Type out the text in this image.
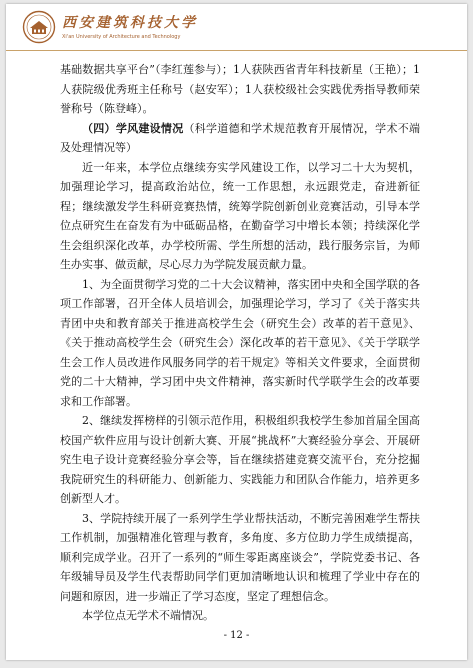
西安建筑科技大学
Xi'an University of Architecture and Technology

基础数据共享平台”（李红莲参与）；1人获陕西省青年科技新星（王艳）；1人获院级优秀班主任称号（赵安军）；1人获校级社会实践优秀指导教师荣誉称号（陈登峰）。

（四）学风建设情况（科学道德和学术规范教育开展情况，学术不端及处理情况等）

近一年来，本学位点继续夯实学风建设工作，以学习二十大为契机，加强理论学习，提高政治站位，统一工作思想，永远跟党走，奋进新征程；继续激发学生科研竞赛热情，统筹学院创新创业竞赛活动，引导本学位点研究生在奋发有为中砥砺品格，在勤奋学习中增长本领；持续深化学生会组织深化改革，办学校所需、学生所想的活动，践行服务宗旨，为师生办实事、做贡献，尽心尽力为学院发展贡献力量。

1、为全面贯彻学习党的二十大会议精神，落实团中央和全国学联的各项工作部署，召开全体人员培训会，加强理论学习，学习了《关于落实共青团中央和教育部关于推进高校学生会（研究生会）改革的若干意见》、《关于推动高校学生会（研究生会）深化改革的若干意见》、《关于学联学生会工作人员改进作风服务同学的若干规定》等相关文件要求，全面贯彻党的二十大精神，学习团中央文件精神，落实新时代学联学生会的改革要求和工作部署。

2、继续发挥榜样的引领示范作用，积极组织我校学生参加首届全国高校国产软件应用与设计创新大赛、开展“挑战杯”大赛经验分享会、开展研究生电子设计竞赛经验分享会等，旨在继续搭建竞赛交流平台，充分挖掘我院研究生的科研能力、创新能力、实践能力和团队合作能力，培养更多创新型人才。

3、学院持续开展了一系列学生学业帮扶活动，不断完善困难学生帮扶工作机制，加强精准化管理与教育，多角度、多方位助力学生成绩提高，顺利完成学业。召开了一系列的“师生零距离座谈会”，学院党委书记、各年级辅导员及学生代表帮助同学们更加清晰地认识和梳理了学业中存在的问题和原因，进一步端正了学习态度，坚定了理想信念。

本学位点无学术不端情况。

- 12 -
